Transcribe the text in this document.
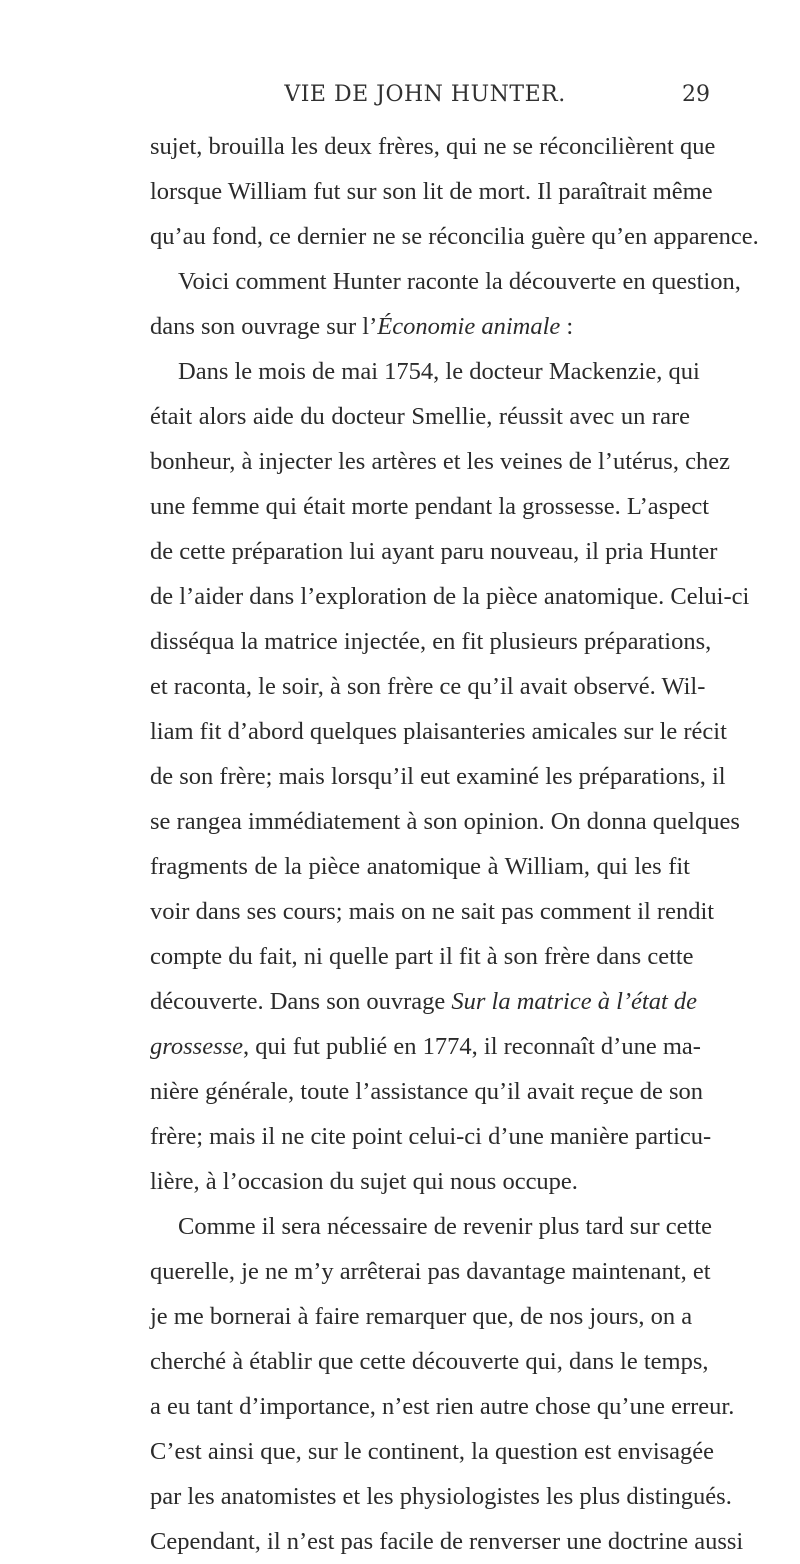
VIE DE JOHN HUNTER.	29

sujet, brouilla les deux frères, qui ne se réconcilièrent que
lorsque William fut sur son lit de mort. Il paraîtrait même
qu’au fond, ce dernier ne se réconcilia guère qu’en apparence.

Voici comment Hunter raconte la découverte en question,
dans son ouvrage sur l’Économie animale :

Dans le mois de mai 1754, le docteur Mackenzie, qui
était alors aide du docteur Smellie, réussit avec un rare
bonheur, à injecter les artères et les veines de l’utérus, chez
une femme qui était morte pendant la grossesse. L’aspect
de cette préparation lui ayant paru nouveau, il pria Hunter
de l’aider dans l’exploration de la pièce anatomique. Celui-ci
disséqua la matrice injectée, en fit plusieurs préparations,
et raconta, le soir, à son frère ce qu’il avait observé. Wil-
liam fit d’abord quelques plaisanteries amicales sur le récit
de son frère; mais lorsqu’il eut examiné les préparations, il
se rangea immédiatement à son opinion. On donna quelques
fragments de la pièce anatomique à William, qui les fit
voir dans ses cours; mais on ne sait pas comment il rendit
compte du fait, ni quelle part il fit à son frère dans cette
découverte. Dans son ouvrage Sur la matrice à l’état de
grossesse, qui fut publié en 1774, il reconnaît d’une ma-
nière générale, toute l’assistance qu’il avait reçue de son
frère; mais il ne cite point celui-ci d’une manière particu-
lière, à l’occasion du sujet qui nous occupe.

Comme il sera nécessaire de revenir plus tard sur cette
querelle, je ne m’y arrêterai pas davantage maintenant, et
je me bornerai à faire remarquer que, de nos jours, on a
cherché à établir que cette découverte qui, dans le temps,
a eu tant d’importance, n’est rien autre chose qu’une erreur.
C’est ainsi que, sur le continent, la question est envisagée
par les anatomistes et les physiologistes les plus distingués.
Cependant, il n’est pas facile de renverser une doctrine aussi
